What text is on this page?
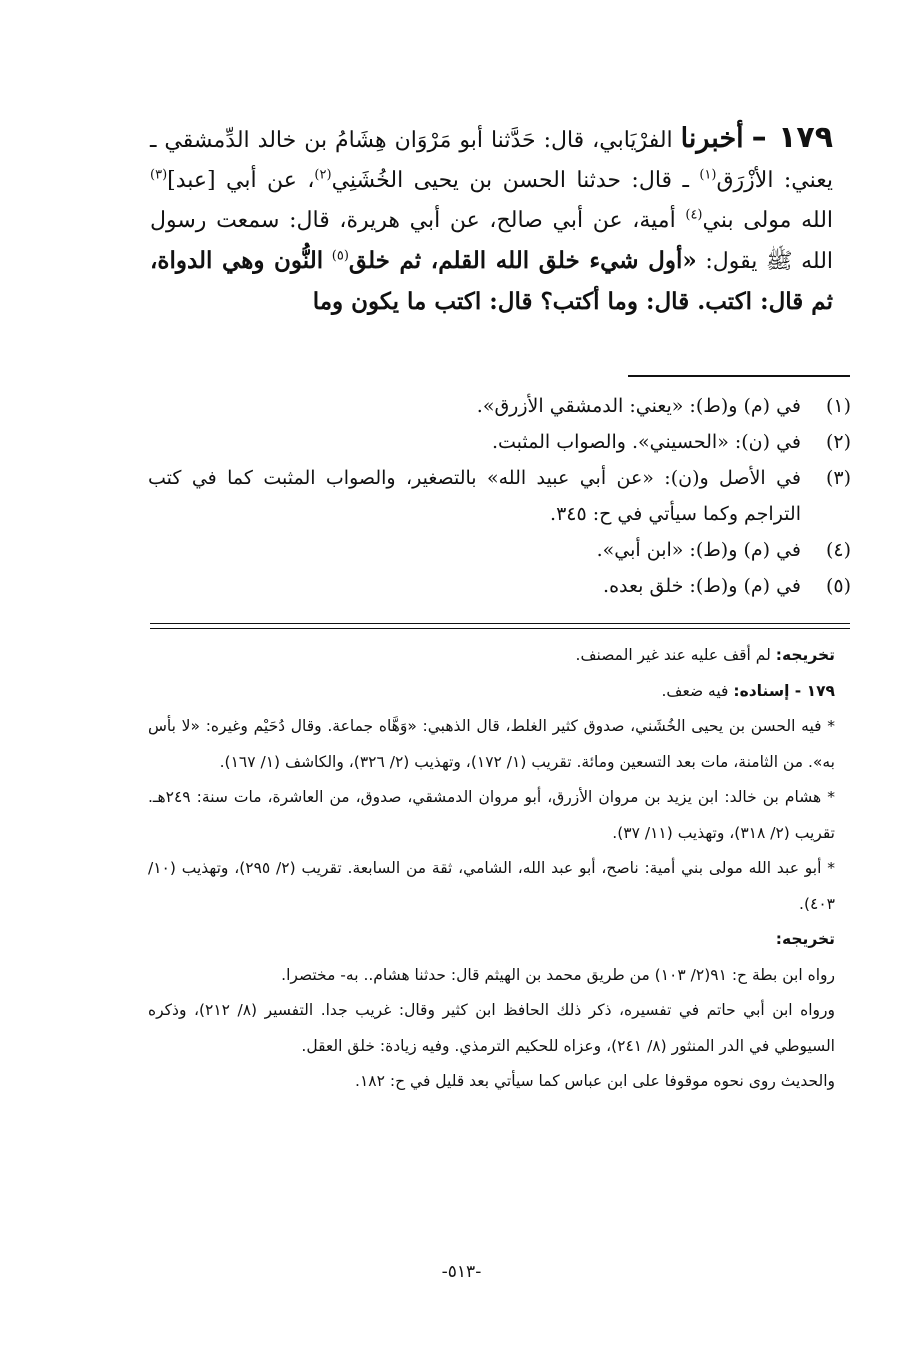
١٧٩ – أخبرنا الفرْيَابي، قال: حَدَّثنا أبو مَرْوَان هِشَامُ بن خالد الدِّمشقي ـ يعني: الأزْرَق$^{(١)}$ ـ قال: حدثنا الحسن بن يحيى الخُشَنِي$^{(٢)}$، عن أبي [عبد]$^{(٣)}$ الله مولى بني$^{(٤)}$ أمية، عن أبي صالح، عن أبي هريرة، قال: سمعت رسول الله ﷺ يقول: «أول شيء خلق الله القلم، ثم خلق$^{(٥)}$ النُّون وهي الدواة، ثم قال: اكتب. قال: وما أكتب؟ قال: اكتب ما يكون وما
(١)
في (م) و(ط): «يعني: الدمشقي الأزرق».
(٢)
في (ن): «الحسيني». والصواب المثبت.
(٣)
في الأصل و(ن): «عن أبي عبيد الله» بالتصغير، والصواب المثبت كما في كتب التراجم وكما سيأتي في ح: ٣٤٥.
(٤)
في (م) و(ط): «ابن أبي».
(٥)
في (م) و(ط): خلق بعده.

تخريجه: لم أقف عليه عند غير المصنف.

١٧٩ - إسناده: فيه ضعف.

* فيه الحسن بن يحيى الخُشَني، صدوق كثير الغلط، قال الذهبي: «وَهَّاه جماعة. وقال دُحَيْم وغيره: «لا بأس به». من الثامنة، مات بعد التسعين ومائة. تقريب (١/ ١٧٢)، وتهذيب (٢/ ٣٢٦)، والكاشف (١/ ١٦٧).

* هشام بن خالد: ابن يزيد بن مروان الأزرق، أبو مروان الدمشقي، صدوق، من العاشرة، مات سنة: ٢٤٩هـ. تقريب (٢/ ٣١٨)، وتهذيب (١١/ ٣٧).

* أبو عبد الله مولى بني أمية: ناصح، أبو عبد الله، الشامي، ثقة من السابعة. تقريب (٢/ ٢٩٥)، وتهذيب (١٠/ ٤٠٣).

تخريجه:

رواه ابن بطة ح: ٩١(٢/ ١٠٣) من طريق محمد بن الهيثم قال: حدثنا هشام.. به- مختصرا.

ورواه ابن أبي حاتم في تفسيره، ذكر ذلك الحافظ ابن كثير وقال: غريب جدا. التفسير (٨/ ٢١٢)، وذكره السيوطي في الدر المنثور (٨/ ٢٤١)، وعزاه للحكيم الترمذي. وفيه زيادة: خلق العقل.

والحديث روى نحوه موقوفا على ابن عباس كما سيأتي بعد قليل في ح: ١٨٢.

-٥١٣-
